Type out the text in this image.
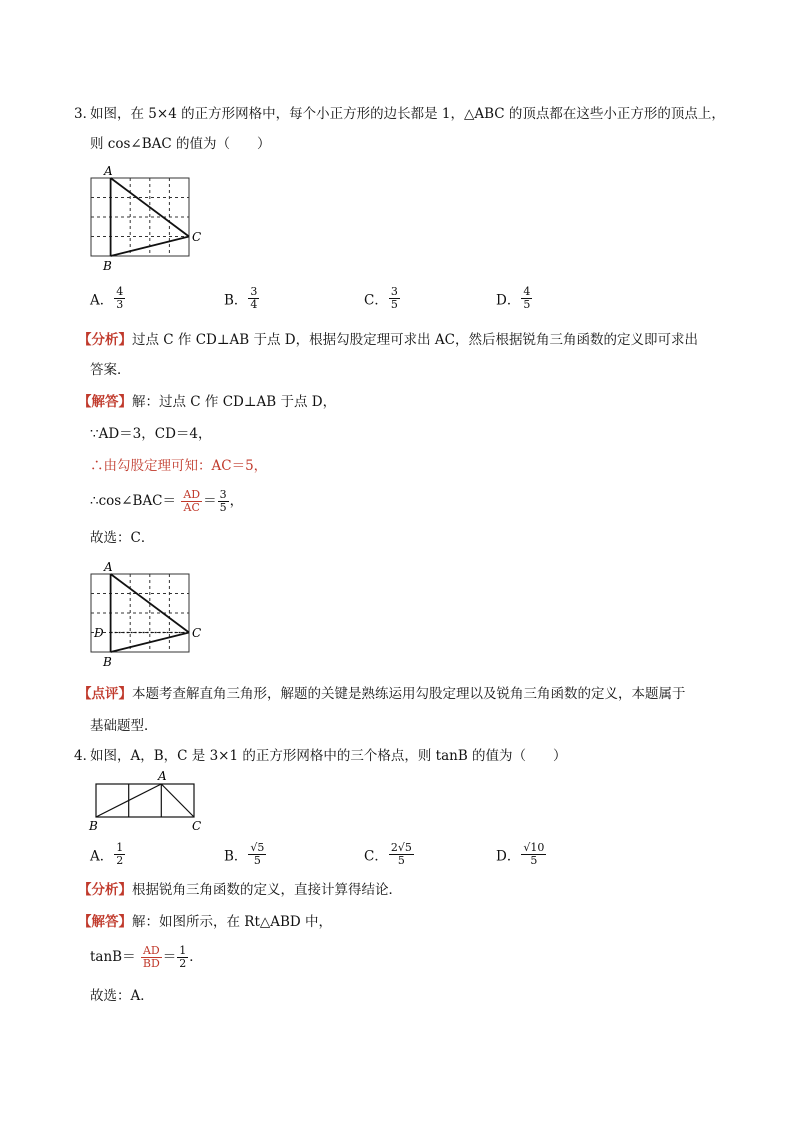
3．
如图，在 5×4 的正方形网格中，每个小正方形的边长都是 1，△ABC 的顶点都在这些小正方形的顶点上，
则 cos∠BAC 的值为（　　）
A
B
C
A． $\frac{4}{3}$	B． $\frac{3}{4}$	C． $\frac{3}{5}$	D． $\frac{4}{5}$
【分析】过点 C 作 CD⊥AB 于点 D，根据勾股定理可求出 AC，然后根据锐角三角函数的定义即可求出
答案．
【解答】解：过点 C 作 CD⊥AB 于点 D，
∵AD＝3，CD＝4，
∴由勾股定理可知：AC＝5，
∴cos∠BAC＝ $\frac{AD}{AC} = \frac{3}{5}$ ，
故选：C．
A
B
C
D
【点评】本题考查解直角三角形，解题的关键是熟练运用勾股定理以及锐角三角函数的定义，本题属于
基础题型．
4．
如图，A，B，C 是 3×1 的正方形网格中的三个格点，则 tanB 的值为（　　）
A
B	C
A． $\frac{1}{2}$	B． $\frac{√5}{5}$	C． $\frac{2√5}{5}$	D． $\frac{√10}{5}$
【分析】根据锐角三角函数的定义，直接计算得结论．
【解答】解：如图所示，在 Rt△ABD 中，
$\tan B= \frac{AD}{BD} = \frac{1}{2}$ ．
故选：A．
